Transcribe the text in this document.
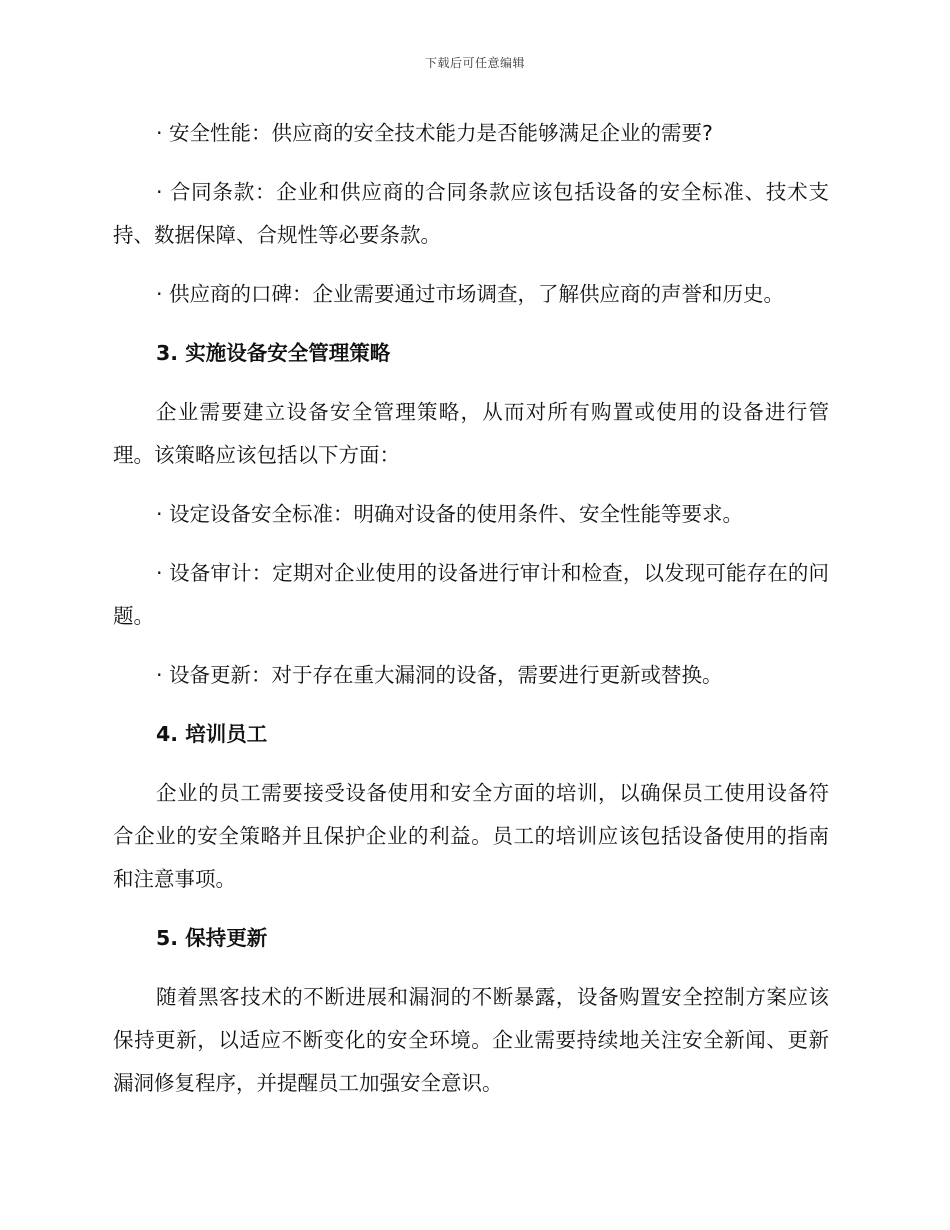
下载后可任意编辑

· 安全性能：供应商的安全技术能力是否能够满足企业的需要?

· 合同条款：企业和供应商的合同条款应该包括设备的安全标准、技术支持、数据保障、合规性等必要条款。

· 供应商的口碑：企业需要通过市场调查，了解供应商的声誉和历史。

3. 实施设备安全管理策略

企业需要建立设备安全管理策略，从而对所有购置或使用的设备进行管理。该策略应该包括以下方面：

· 设定设备安全标准：明确对设备的使用条件、安全性能等要求。

· 设备审计：定期对企业使用的设备进行审计和检查，以发现可能存在的问题。

· 设备更新：对于存在重大漏洞的设备，需要进行更新或替换。

4. 培训员工

企业的员工需要接受设备使用和安全方面的培训，以确保员工使用设备符合企业的安全策略并且保护企业的利益。员工的培训应该包括设备使用的指南和注意事项。

5. 保持更新

随着黑客技术的不断进展和漏洞的不断暴露，设备购置安全控制方案应该保持更新，以适应不断变化的安全环境。企业需要持续地关注安全新闻、更新漏洞修复程序，并提醒员工加强安全意识。
